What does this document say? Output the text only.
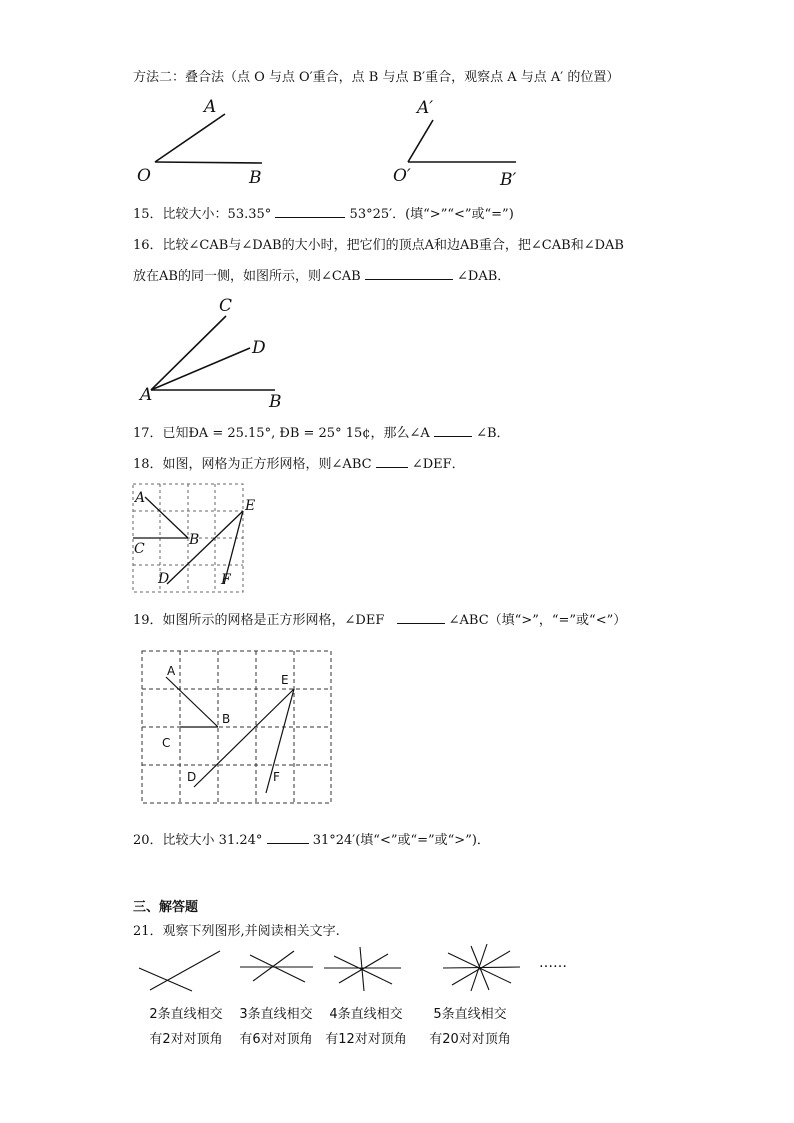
方法二：叠合法（点 O 与点 O′重合，点 B 与点 B′重合，观察点 A 与点 A′ 的位置）
A
O	B
A′
O′	B′
15．比较大小：53.35°	53°25′．(填“>”“<”或“=”)
16．比较∠CAB与∠DAB的大小时，把它们的顶点A和边AB重合，把∠CAB和∠DAB
放在AB的同一侧，如图所示，则∠CAB	∠DAB．
C
D
A	B
17．已知ÐA = 25.15°, ÐB = 25° 15¢，那么∠A	∠B．
18．如图，网格为正方形网格，则∠ABC	∠DEF．
A
B
C
D
E
F
19．如图所示的网格是正方形网格，∠DEF	∠ABC（填“>”，“=”或“<”）
A
B
C
D
E
F
20．比较大小 31.24°	31°24′(填“<”或“=”或“>”)．
三、解答题
21．观察下列图形,并阅读相关文字.
……
2条直线相交
有2对对顶角
3条直线相交
有6对对顶角
4条直线相交
有12对对顶角
5条直线相交
有20对对顶角
